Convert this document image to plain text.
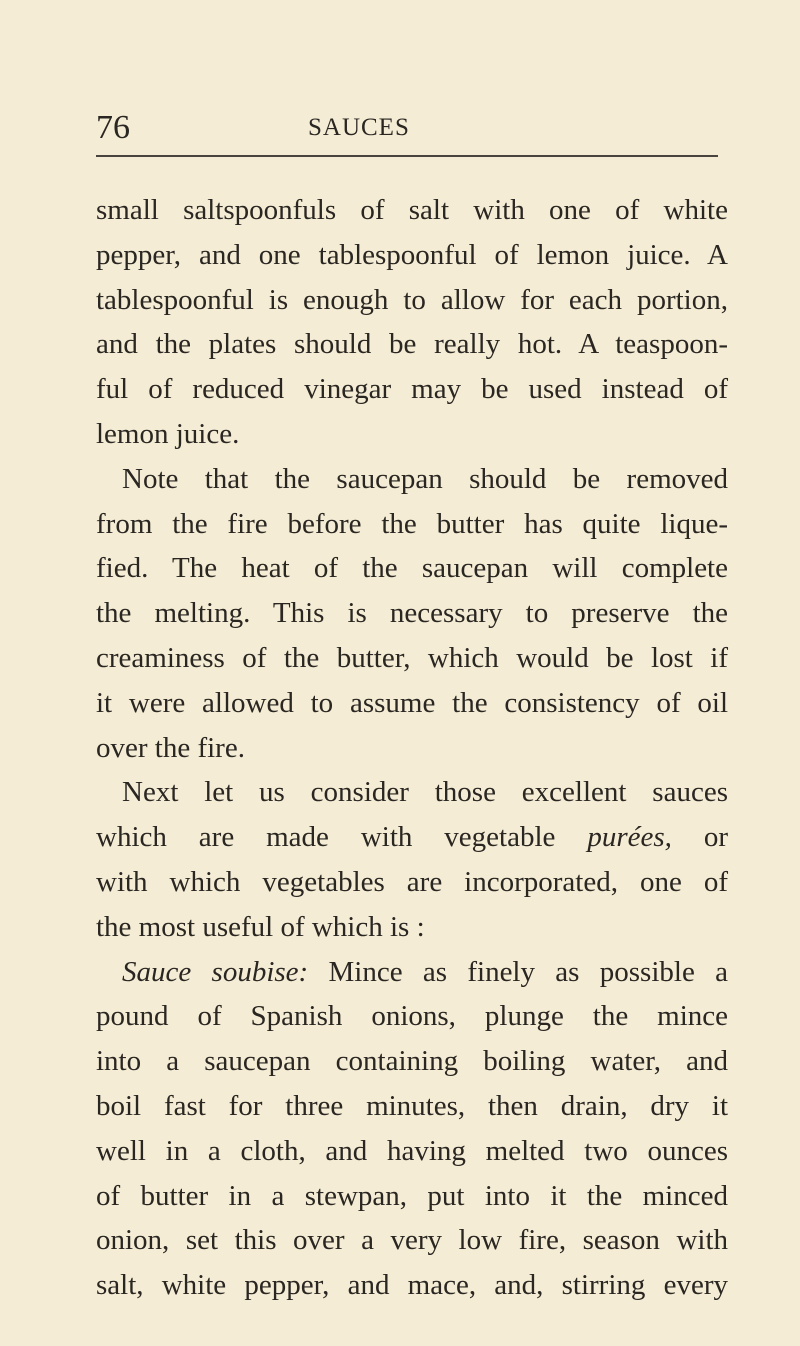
76	SAUCES
small saltspoonfuls of salt with one of white
pepper, and one tablespoonful of lemon juice. A
tablespoonful is enough to allow for each portion,
and the plates should be really hot. A teaspoon-
ful of reduced vinegar may be used instead of
lemon juice.
Note that the saucepan should be removed
from the fire before the butter has quite lique-
fied. The heat of the saucepan will complete
the melting. This is necessary to preserve the
creaminess of the butter, which would be lost if
it were allowed to assume the consistency of oil
over the fire.
Next let us consider those excellent sauces
which are made with vegetable purées, or
with which vegetables are incorporated, one of
the most useful of which is :
Sauce soubise: Mince as finely as possible a
pound of Spanish onions, plunge the mince
into a saucepan containing boiling water, and
boil fast for three minutes, then drain, dry it
well in a cloth, and having melted two ounces
of butter in a stewpan, put into it the minced
onion, set this over a very low fire, season with
salt, white pepper, and mace, and, stirring every
